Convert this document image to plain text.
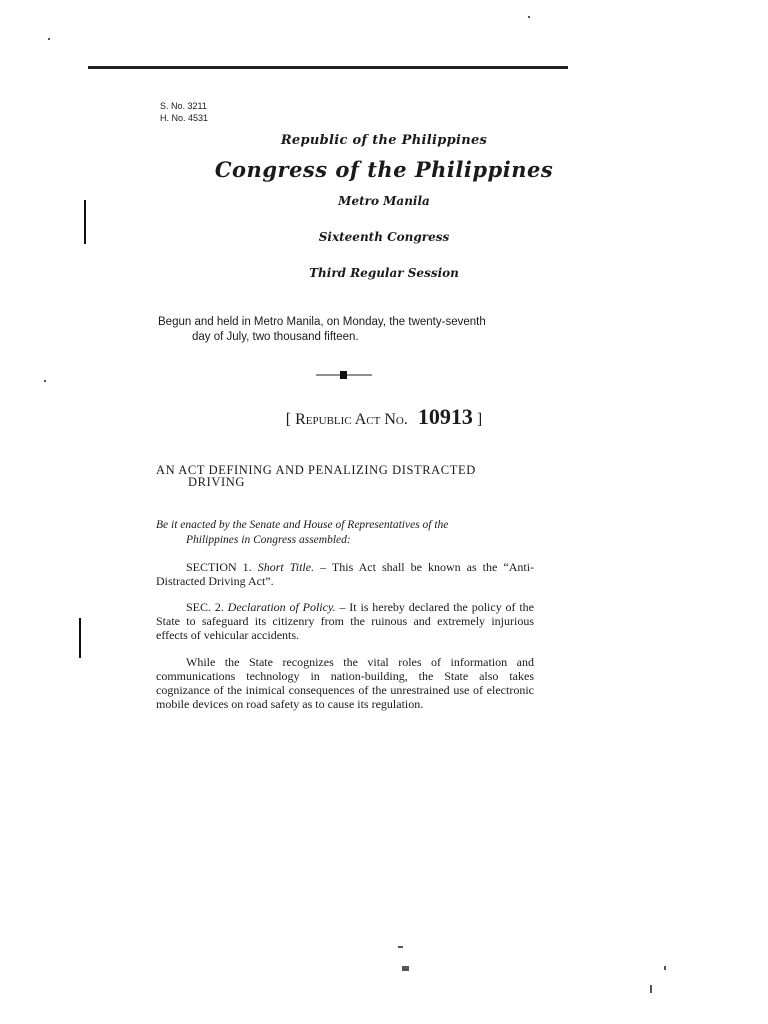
S. No. 3211
H. No. 4531
Republic of the Philippines
Congress of the Philippines
Metro Manila
Sixteenth Congress
Third Regular Session
Begun and held in Metro Manila, on Monday, the twenty-seventh
day of July, two thousand fifteen.
[ Republic Act No. 10913 ]
AN ACT DEFINING AND PENALIZING DISTRACTED
DRIVING
Be it enacted by the Senate and House of Representatives of the
Philippines in Congress assembled:
SECTION 1. Short Title. – This Act shall be known as the “Anti-Distracted Driving Act”.
SEC. 2. Declaration of Policy. – It is hereby declared the policy of the State to safeguard its citizenry from the ruinous and extremely injurious effects of vehicular accidents.
While the State recognizes the vital roles of information and communications technology in nation-building, the State also takes cognizance of the inimical consequences of the unrestrained use of electronic mobile devices on road safety as to cause its regulation.
